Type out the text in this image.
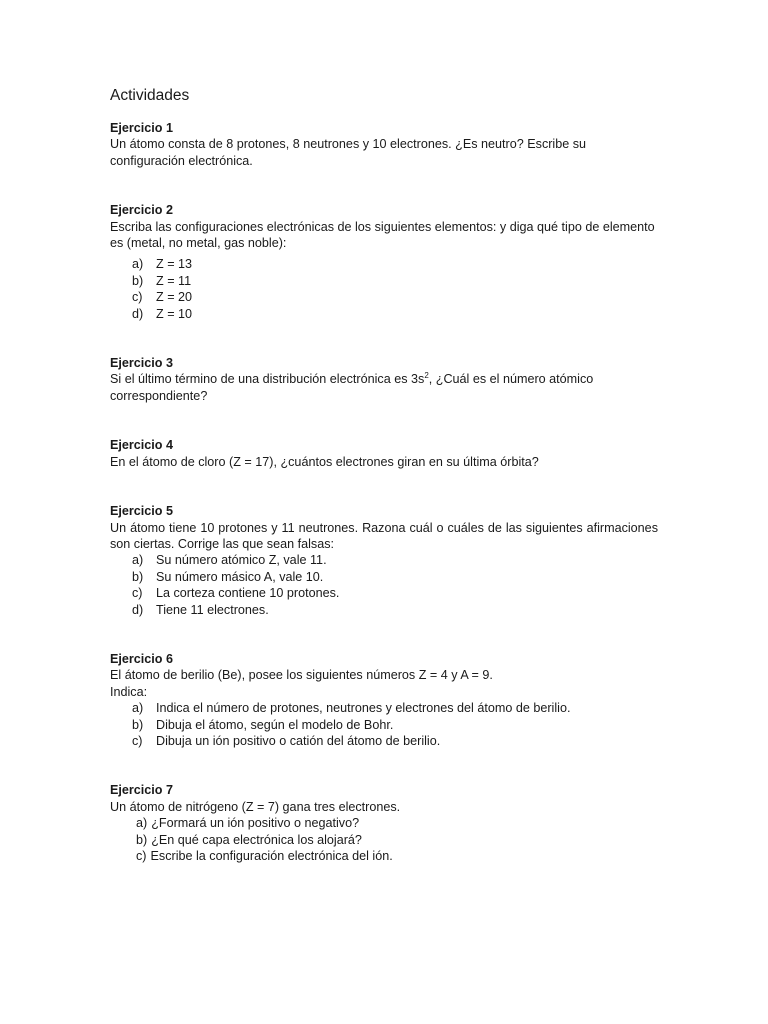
Actividades
Ejercicio 1

Un átomo consta de 8 protones, 8 neutrones y 10 electrones. ¿Es neutro? Escribe su configuración electrónica.

Ejercicio 2

Escriba las configuraciones electrónicas de los siguientes elementos: y diga qué tipo de elemento es (metal, no metal, gas noble):

a)	Z = 13
b)	Z = 11
c)	Z = 20
d)	Z = 10
Ejercicio 3

Si el último término de una distribución electrónica es $3s^2$, ¿Cuál es el número atómico correspondiente?

Ejercicio 4

En el átomo de cloro (Z = 17), ¿cuántos electrones giran en su última órbita?

Ejercicio 5

Un átomo tiene 10 protones y 11 neutrones. Razona cuál o cuáles de las siguientes afirmaciones son ciertas. Corrige las que sean falsas:

a)	Su número atómico Z, vale 11.
b)	Su número másico A, vale 10.
c)	La corteza contiene 10 protones.
d)	Tiene 11 electrones.
Ejercicio 6

El átomo de berilio (Be), posee los siguientes números Z = 4 y A = 9.

Indica:

a)	Indica el número de protones, neutrones y electrones del átomo de berilio.
b)	Dibuja el átomo, según el modelo de Bohr.
c)	Dibuja un ión positivo o catión del átomo de berilio.
Ejercicio 7

Un átomo de nitrógeno (Z = 7) gana tres electrones.

a) ¿Formará un ión positivo o negativo?
b) ¿En qué capa electrónica los alojará?
c) Escribe la configuración electrónica del ión.
